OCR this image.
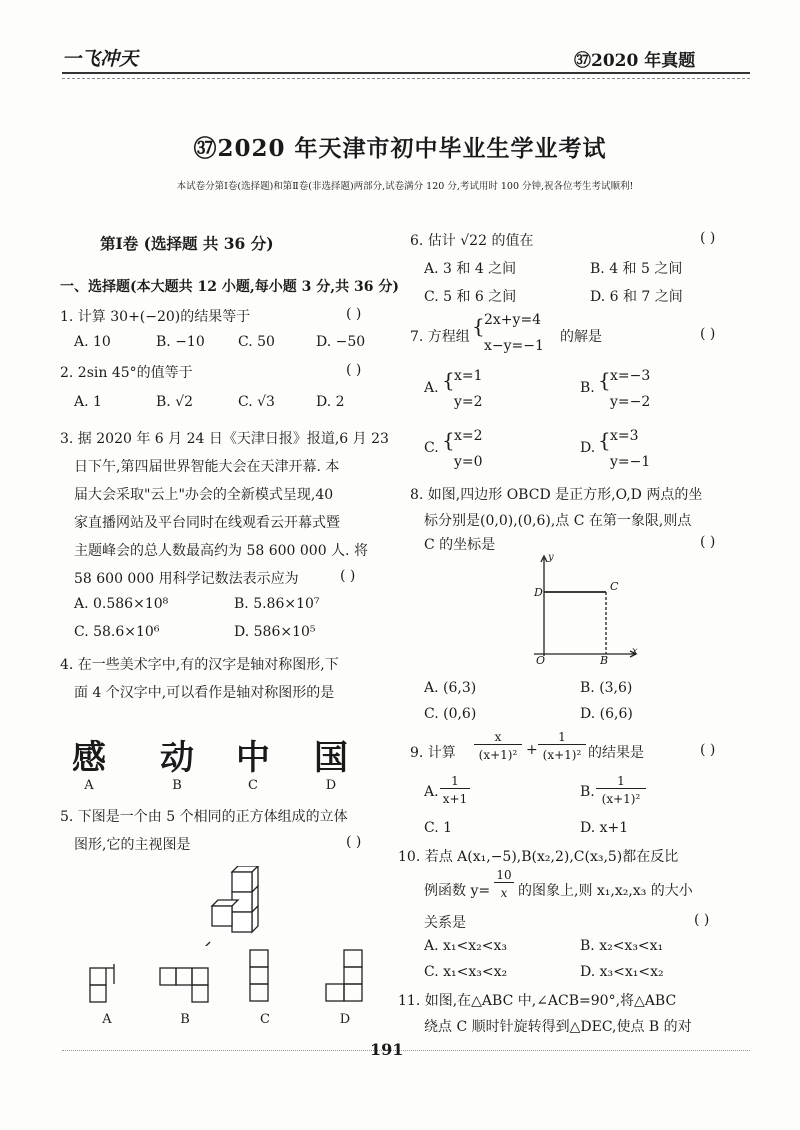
一飞冲天	㊲2020 年真题
㊲2020 年天津市初中毕业生学业考试
本试卷分第Ⅰ卷(选择题)和第Ⅱ卷(非选择题)两部分,试卷满分 120 分,考试用时 100 分钟,祝各位考生考试顺利!
第Ⅰ卷 (选择题 共 36 分)
一、选择题(本大题共 12 小题,每小题 3 分,共 36 分)
1. 计算 30+(−20)的结果等于	( )
A. 10	B. −10 C. 50	D. −50
2. 2sin 45°的值等于	( )
A. 1	B. √2	C. √3	D. 2
3. 据 2020 年 6 月 24 日《天津日报》报道,6 月 23
日下午,第四届世界智能大会在天津开幕. 本
届大会采取"云上"办会的全新模式呈现,40
家直播网站及平台同时在线观看云开幕式暨
主题峰会的总人数最高约为 58 600 000 人. 将
58 600 000 用科学记数法表示应为	( )
A. 0.586×10⁸	B. 5.86×10⁷
C. 58.6×10⁶	D. 586×10⁵
4. 在一些美术字中,有的汉字是轴对称图形,下
面 4 个汉字中,可以看作是轴对称图形的是
感 动 中 国
A	B	C	D
5. 下图是一个由 5 个相同的正方体组成的立体
图形,它的主视图是	( )
A	B	C	D
6. 估计 √22 的值在	( )
A. 3 和 4 之间	B. 4 和 5 之间
C. 5 和 6 之间	D. 6 和 7 之间
7. 方程组 { 2x+y=4
x−y=−1
的解是	( )
A. { x=1
y=2
B. { x=−3
y=−2
C. { x=2
y=0
D. { x=3
y=−1
8. 如图,四边形 OBCD 是正方形,O,D 两点的坐
标分别是(0,0),(0,6),点 C 在第一象限,则点
C 的坐标是	( )
y
x
D	C
O	B
A. (6,3)	B. (3,6)
C. (0,6)	D. (6,6)
9. 计算
x
(x+1)² +
1
(x+1)² 的结果是	( )
A.
1
x+1	B.
1
(x+1)²
C. 1	D. x+1
10. 若点 A(x₁,−5),B(x₂,2),C(x₃,5)都在反比
例函数 y=
10
x 的图象上,则 x₁,x₂,x₃ 的大小
关系是	( )
A. x₁<x₂<x₃	B. x₂<x₃<x₁
C. x₁<x₃<x₂	D. x₃<x₁<x₂
11. 如图,在△ABC 中,∠ACB=90°,将△ABC
绕点 C 顺时针旋转得到△DEC,使点 B 的对
191
